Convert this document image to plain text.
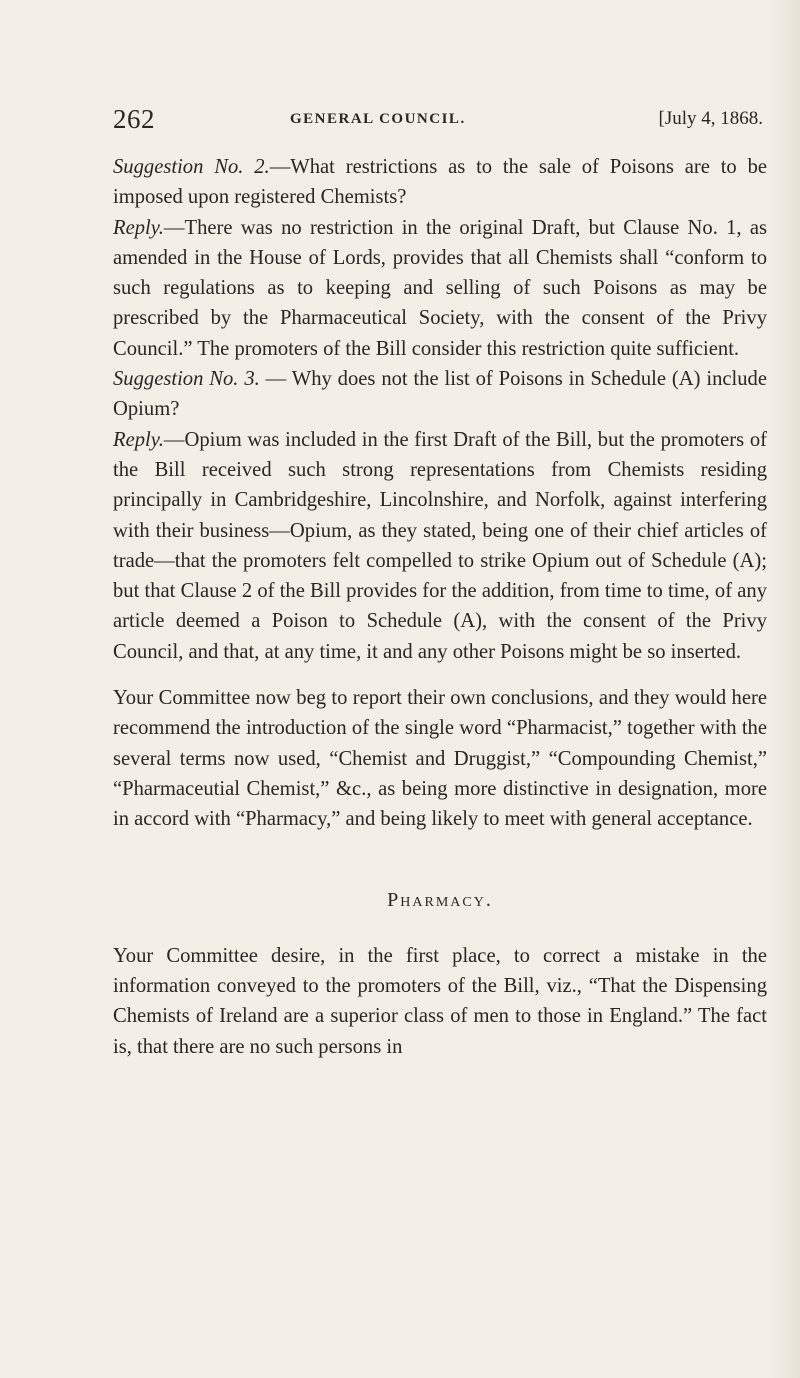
262	GENERAL COUNCIL.	[July 4, 1868.

Suggestion No. 2.—What restrictions as to the sale of Poisons are to be imposed upon registered Chemists?

Reply.—There was no restriction in the original Draft, but Clause No. 1, as amended in the House of Lords, provides that all Chemists shall “conform to such regulations as to keeping and selling of such Poisons as may be prescribed by the Pharmaceutical Society, with the consent of the Privy Council.” The promoters of the Bill consider this restriction quite sufficient.

Suggestion No. 3. — Why does not the list of Poisons in Schedule (A) include Opium?

Reply.—Opium was included in the first Draft of the Bill, but the promoters of the Bill received such strong representations from Chemists residing principally in Cambridgeshire, Lincolnshire, and Norfolk, against interfering with their business—Opium, as they stated, being one of their chief articles of trade—that the promoters felt compelled to strike Opium out of Schedule (A); but that Clause 2 of the Bill provides for the addition, from time to time, of any article deemed a Poison to Schedule (A), with the consent of the Privy Council, and that, at any time, it and any other Poisons might be so inserted.

Your Committee now beg to report their own conclusions, and they would here recommend the introduction of the single word “Pharmacist,” together with the several terms now used, “Chemist and Druggist,” “Compounding Chemist,” “Pharmaceutial Chemist,” &c., as being more distinctive in designation, more in accord with “Pharmacy,” and being likely to meet with general acceptance.

Pharmacy.

Your Committee desire, in the first place, to correct a mistake in the information conveyed to the promoters of the Bill, viz., “That the Dispensing Chemists of Ireland are a superior class of men to those in England.” The fact is, that there are no such persons in
